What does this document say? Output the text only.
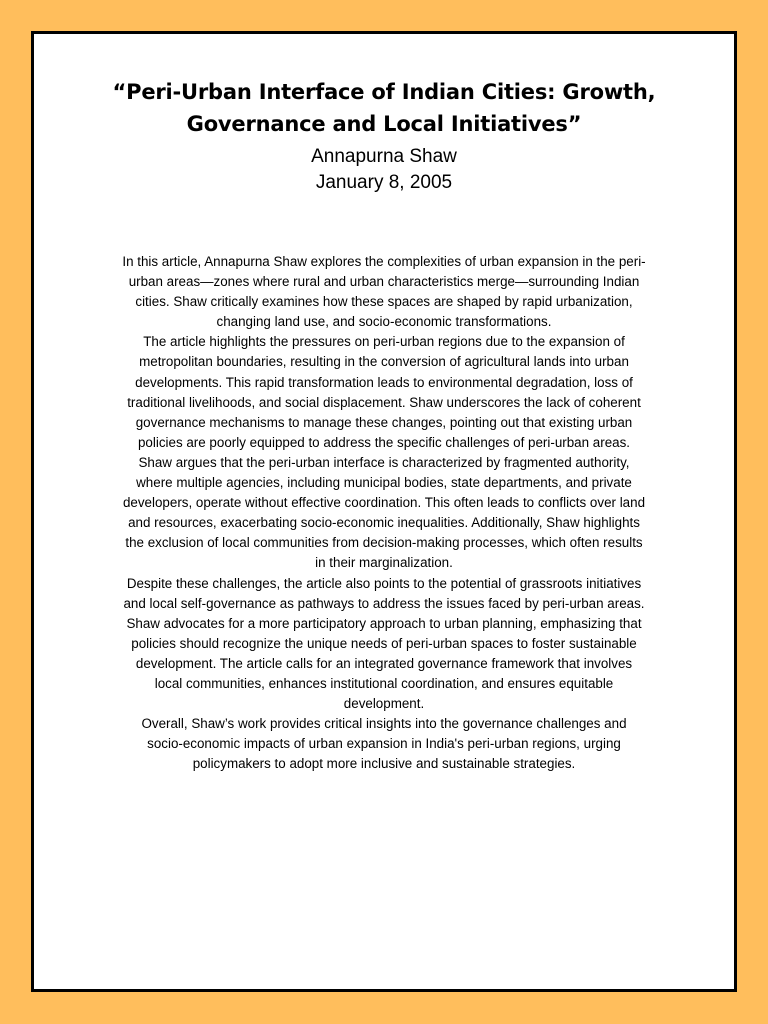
“Peri-Urban Interface of Indian Cities: Growth,
Governance and Local Initiatives”
Annapurna Shaw
January 8, 2005

In this article, Annapurna Shaw explores the complexities of urban expansion in the peri-urban areas—zones where rural and urban characteristics merge—surrounding Indian cities. Shaw critically examines how these spaces are shaped by rapid urbanization, changing land use, and socio-economic transformations.

The article highlights the pressures on peri-urban regions due to the expansion of metropolitan boundaries, resulting in the conversion of agricultural lands into urban developments. This rapid transformation leads to environmental degradation, loss of traditional livelihoods, and social displacement. Shaw underscores the lack of coherent governance mechanisms to manage these changes, pointing out that existing urban policies are poorly equipped to address the specific challenges of peri-urban areas.

Shaw argues that the peri-urban interface is characterized by fragmented authority, where multiple agencies, including municipal bodies, state departments, and private developers, operate without effective coordination. This often leads to conflicts over land and resources, exacerbating socio-economic inequalities. Additionally, Shaw highlights the exclusion of local communities from decision-making processes, which often results in their marginalization.

Despite these challenges, the article also points to the potential of grassroots initiatives and local self-governance as pathways to address the issues faced by peri-urban areas. Shaw advocates for a more participatory approach to urban planning, emphasizing that policies should recognize the unique needs of peri-urban spaces to foster sustainable development. The article calls for an integrated governance framework that involves local communities, enhances institutional coordination, and ensures equitable development.

Overall, Shaw’s work provides critical insights into the governance challenges and socio-economic impacts of urban expansion in India's peri-urban regions, urging policymakers to adopt more inclusive and sustainable strategies.
